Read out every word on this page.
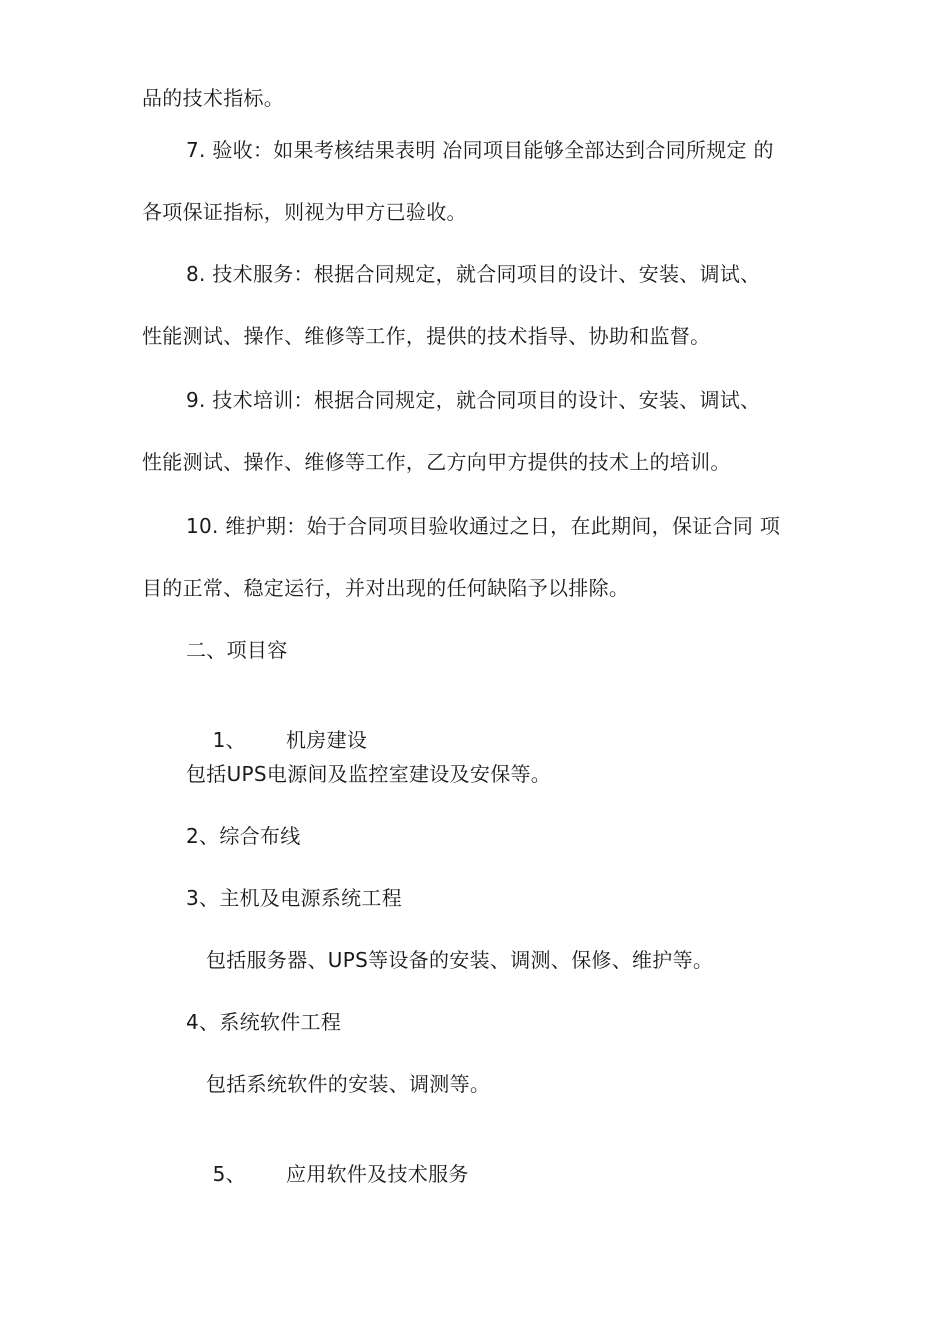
品的技术指标。
7. 验收：如果考核结果表明 冶同项目能够全部达到合同所规定 的
各项保证指标，则视为甲方已验收。
8. 技术服务：根据合同规定，就合同项目的设计、安装、调试、
性能测试、操作、维修等工作，提供的技术指导、协助和监督。
9. 技术培训：根据合同规定，就合同项目的设计、安装、调试、
性能测试、操作、维修等工作，乙方向甲方提供的技术上的培训。
10. 维护期：始于合同项目验收通过之日，在此期间，保证合同 项
目的正常、稳定运行，并对出现的任何缺陷予以排除。
二、项目容

1、 机房建设

包括UPS电源间及监控室建设及安保等。
2、综合布线
3、主机及电源系统工程
包括服务器、UPS等设备的安装、调测、保修、维护等。
4、系统软件工程
包括系统软件的安装、调测等。

5、 应用软件及技术服务
